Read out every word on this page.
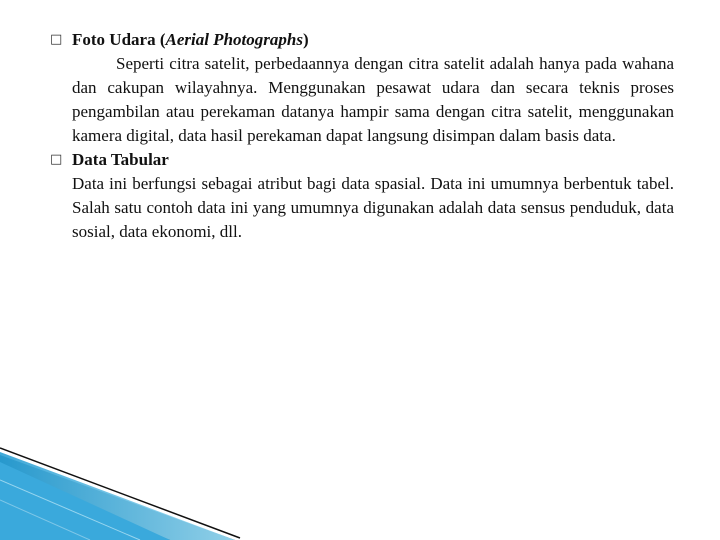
□ Foto Udara (Aerial Photographs)
Seperti citra satelit, perbedaannya dengan citra satelit adalah hanya pada wahana dan cakupan wilayahnya. Menggunakan pesawat udara dan secara teknis proses pengambilan atau perekaman datanya hampir sama dengan citra satelit, menggunakan kamera digital, data hasil perekaman dapat langsung disimpan dalam basis data.
□ Data Tabular
Data ini berfungsi sebagai atribut bagi data spasial. Data ini umumnya berbentuk tabel. Salah satu contoh data ini yang umumnya digunakan adalah data sensus penduduk, data sosial, data ekonomi, dll.
